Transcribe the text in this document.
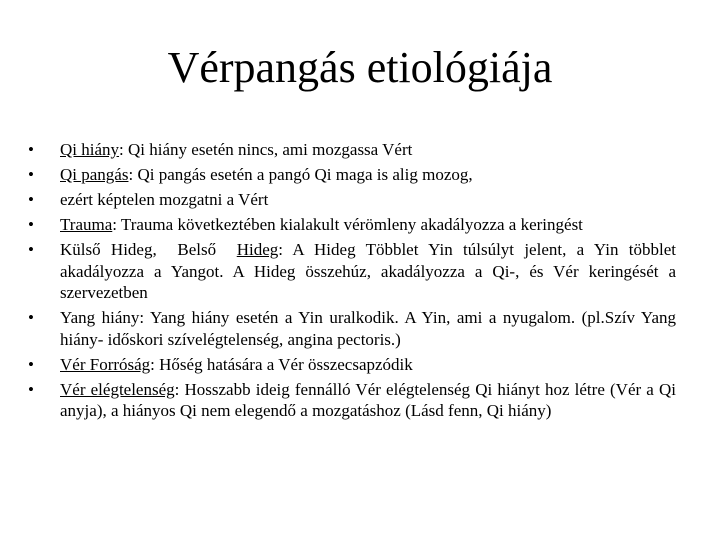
Vérpangás etiológiája
• Qi hiány: Qi hiány esetén nincs, ami mozgassa Vért
• Qi pangás: Qi pangás esetén a pangó Qi maga is alig mozog,
• ezért képtelen mozgatni a Vért
• Trauma: Trauma következtében kialakult vérömleny akadályozza a keringést
• Külső Hideg,  Belső  Hideg: A Hideg Többlet Yin túlsúlyt jelent, a Yin többlet akadályozza a Yangot. A Hideg összehúz, akadályozza a Qi-, és Vér keringését a szervezetben
• Yang hiány: Yang hiány esetén a Yin uralkodik. A Yin, ami a nyugalom. (pl.Szív Yang hiány- időskori szívelégtelenség, angina pectoris.)
• Vér Forróság: Hőség hatására a Vér összecsapzódik
• Vér elégtelenség: Hosszabb ideig fennálló Vér elégtelenség Qi hiányt hoz létre (Vér a Qi anyja), a hiányos Qi nem elegendő a mozgatáshoz (Lásd fenn, Qi hiány)
